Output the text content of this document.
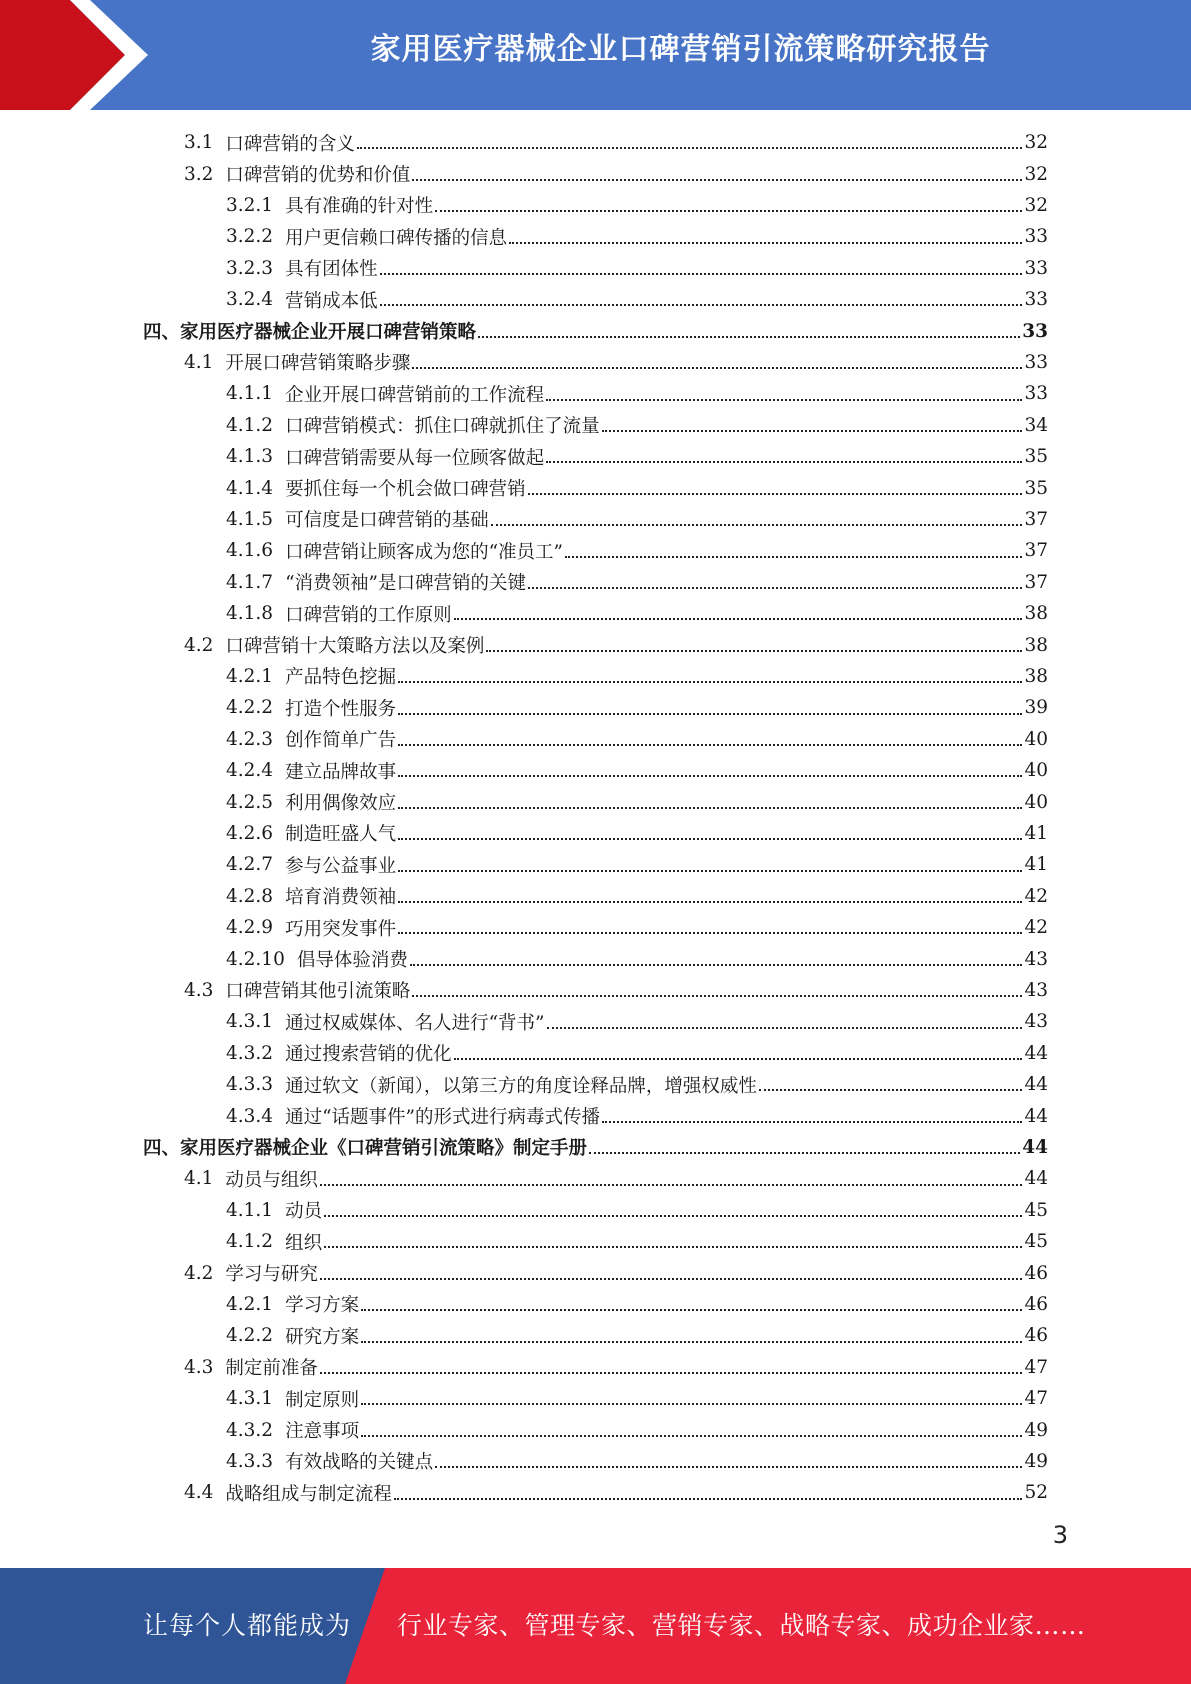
家用医疗器械企业口碑营销引流策略研究报告
3.1 口碑营销的含义	32
3.2 口碑营销的优势和价值	32
3.2.1 具有准确的针对性	32
3.2.2 用户更信赖口碑传播的信息	33
3.2.3 具有团体性	33
3.2.4 营销成本低	33
四、 家用医疗器械企业开展口碑营销策略	33
4.1 开展口碑营销策略步骤	33
4.1.1 企业开展口碑营销前的工作流程	33
4.1.2 口碑营销模式：抓住口碑就抓住了流量	34
4.1.3 口碑营销需要从每一位顾客做起	35
4.1.4 要抓住每一个机会做口碑营销	35
4.1.5 可信度是口碑营销的基础	37
4.1.6 口碑营销让顾客成为您的“准员工”	37
4.1.7 “消费领袖”是口碑营销的关键	37
4.1.8 口碑营销的工作原则	38
4.2 口碑营销十大策略方法以及案例	38
4.2.1 产品特色挖掘	38
4.2.2 打造个性服务	39
4.2.3 创作简单广告	40
4.2.4 建立品牌故事	40
4.2.5 利用偶像效应	40
4.2.6 制造旺盛人气	41
4.2.7 参与公益事业	41
4.2.8 培育消费领袖	42
4.2.9 巧用突发事件	42
4.2.10 倡导体验消费	43
4.3 口碑营销其他引流策略	43
4.3.1 通过权威媒体、名人进行“背书”	43
4.3.2 通过搜索营销的优化	44
4.3.3 通过软文（新闻），以第三方的角度诠释品牌，增强权威性	44
4.3.4 通过“话题事件”的形式进行病毒式传播	44
四、 家用医疗器械企业《口碑营销引流策略》制定手册	44
4.1 动员与组织	44
4.1.1 动员	45
4.1.2 组织	45
4.2 学习与研究	46
4.2.1 学习方案	46
4.2.2 研究方案	46
4.3 制定前准备	47
4.3.1 制定原则	47
4.3.2 注意事项	49
4.3.3 有效战略的关键点	49
4.4 战略组成与制定流程	52
3
让每个人都能成为 行业专家、管理专家、营销专家、战略专家、成功企业家……
